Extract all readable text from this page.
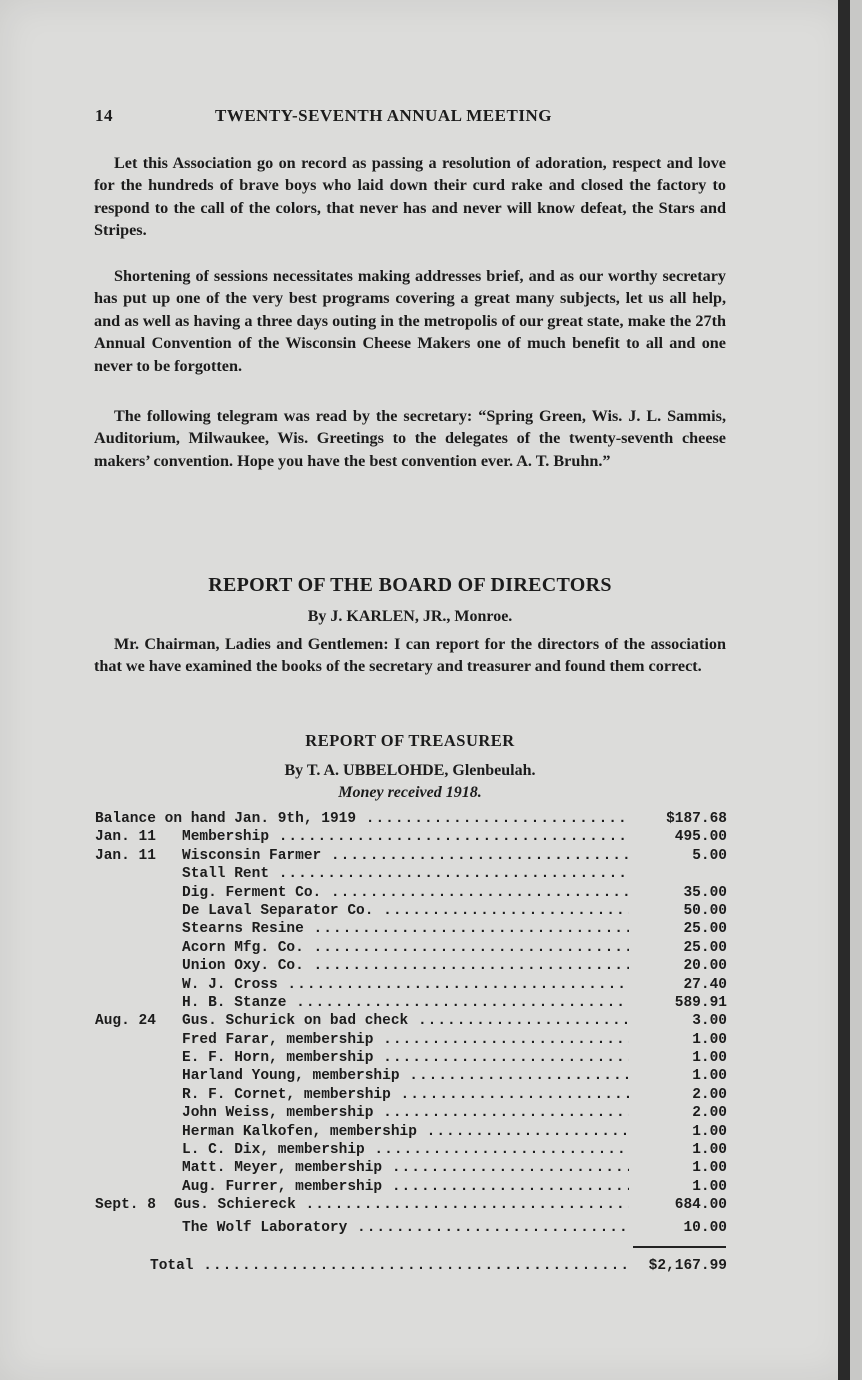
14	TWENTY-SEVENTH ANNUAL MEETING
Let this Association go on record as passing a resolution of adoration, respect and love for the hundreds of brave boys who laid down their curd rake and closed the factory to respond to the call of the colors, that never has and never will know defeat, the Stars and Stripes.
Shortening of sessions necessitates making addresses brief, and as our worthy secretary has put up one of the very best programs covering a great many subjects, let us all help, and as well as having a three days outing in the metropolis of our great state, make the 27th Annual Convention of the Wisconsin Cheese Makers one of much benefit to all and one never to be forgotten.
The following telegram was read by the secretary: “Spring Green, Wis. J. L. Sammis, Auditorium, Milwaukee, Wis. Greetings to the delegates of the twenty-seventh cheese makers’ convention. Hope you have the best convention ever. A. T. Bruhn.”
REPORT OF THE BOARD OF DIRECTORS
By J. KARLEN, JR., Monroe.
Mr. Chairman, Ladies and Gentlemen: I can report for the directors of the association that we have examined the books of the secretary and treasurer and found them correct.
REPORT OF TREASURER
By T. A. UBBELOHDE, Glenbeulah.
Money received 1918.
Balance on hand Jan. 9th, 1919 .....	$187.68
Jan. 11	Membership .....	495.00
Jan. 11	Wisconsin Farmer .....	5.00
Stall Rent .....
Dig. Ferment Co. .....	35.00
De Laval Separator Co. .....	50.00
Stearns Resine .....	25.00
Acorn Mfg. Co. .....	25.00
Union Oxy. Co. .....	20.00
W. J. Cross .....	27.40
H. B. Stanze .....	589.91
Aug. 24	Gus. Schurick on bad check .....	3.00
Fred Farar, membership .....	1.00
E. F. Horn, membership .....	1.00
Harland Young, membership .....	1.00
R. F. Cornet, membership .....	2.00
John Weiss, membership .....	2.00
Herman Kalkofen, membership .....	1.00
L. C. Dix, membership .....	1.00
Matt. Meyer, membership .....	1.00
Aug. Furrer, membership .....	1.00
Sept. 8	Gus. Schiereck .....	684.00
The Wolf Laboratory .....	10.00
Total .....	$2,167.99
